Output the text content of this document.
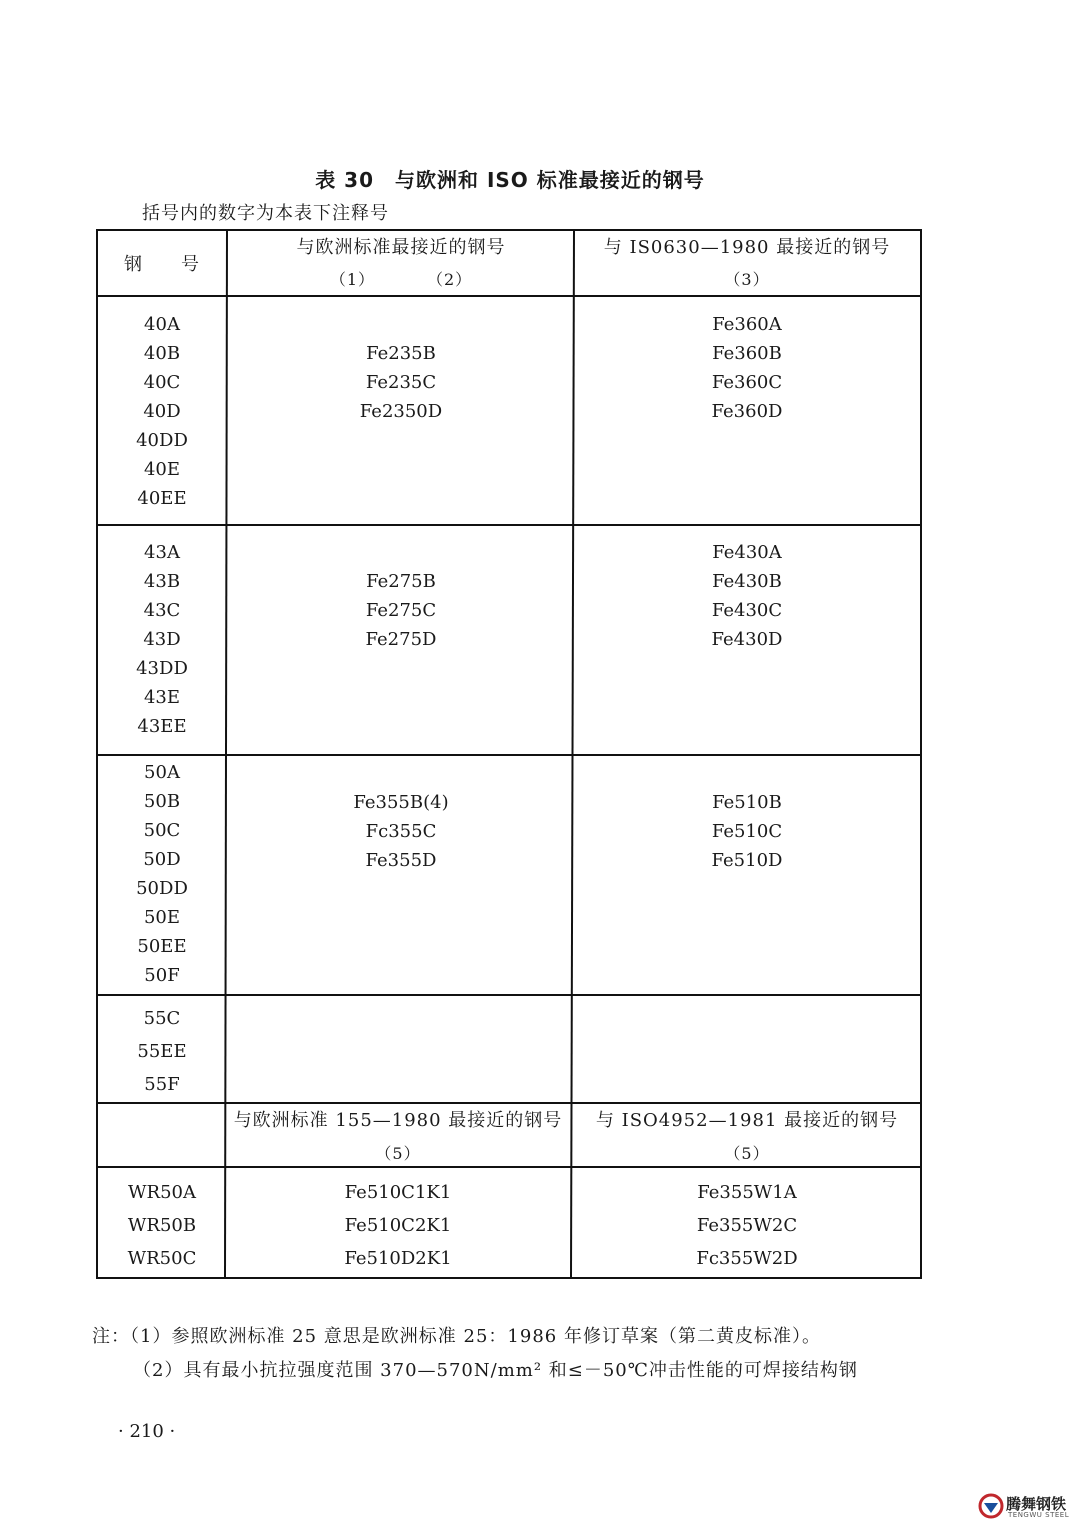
表 30　与欧洲和 ISO 标准最接近的钢号
括号内的数字为本表下注释号
钢　　号
与欧洲标准最接近的钢号
（1）　　　　（2）
与 IS0630—1980 最接近的钢号
（3）
40A
40B
40C
40D
40DD
40E
40EE
Fe235B
Fe235C
Fe2350D
Fe360A
Fe360B
Fe360C
Fe360D
43A
43B
43C
43D
43DD
43E
43EE
Fe275B
Fe275C
Fe275D
Fe430A
Fe430B
Fe430C
Fe430D
50A
50B
50C
50D
50DD
50E
50EE
50F
Fe355B(4)
Fc355C
Fe355D
Fe510B
Fe510C
Fe510D
55C
55EE
55F
与欧洲标准 155—1980 最接近的钢号
（5）
与 ISO4952—1981 最接近的钢号
（5）
WR50A
WR50B
WR50C
Fe510C1K1
Fe510C2K1
Fe510D2K1
Fe355W1A
Fe355W2C
Fc355W2D
注：（1）参照欧洲标准 25 意思是欧洲标准 25：1986 年修订草案（第二黄皮标准）。
（2）具有最小抗拉强度范围 370—570N/mm² 和≤－50℃冲击性能的可焊接结构钢
· 210 ·
腾舞钢铁
TENGWU STEEL
